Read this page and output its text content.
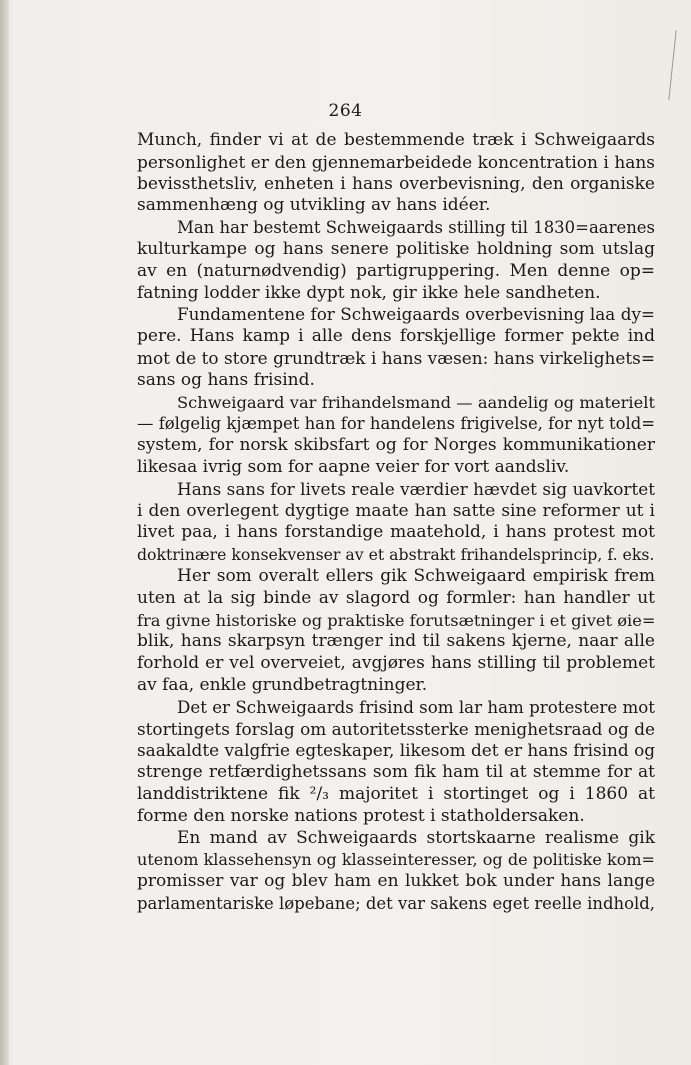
264
Munch, finder vi at de bestemmende træk i Schweigaards
personlighet er den gjennemarbeidede koncentration i hans
bevissthetsliv, enheten i hans overbevisning, den organiske
sammenhæng og utvikling av hans idéer.
Man har bestemt Schweigaards stilling til 1830=aarenes
kulturkampe og hans senere politiske holdning som utslag
av en (naturnødvendig) partigruppering. Men denne op=
fatning lodder ikke dypt nok, gir ikke hele sandheten.
Fundamentene for Schweigaards overbevisning laa dy=
pere. Hans kamp i alle dens forskjellige former pekte ind
mot de to store grundtræk i hans væsen: hans virkelighets=
sans og hans frisind.
Schweigaard var frihandelsmand — aandelig og materielt
— følgelig kjæmpet han for handelens frigivelse, for nyt told=
system, for norsk skibsfart og for Norges kommunikationer
likesaa ivrig som for aapne veier for vort aandsliv.
Hans sans for livets reale værdier hævdet sig uavkortet
i den overlegent dygtige maate han satte sine reformer ut i
livet paa, i hans forstandige maatehold, i hans protest mot
doktrinære konsekvenser av et abstrakt frihandelsprincip, f. eks.
Her som overalt ellers gik Schweigaard empirisk frem
uten at la sig binde av slagord og formler: han handler ut
fra givne historiske og praktiske forutsætninger i et givet øie=
blik, hans skarpsyn trænger ind til sakens kjerne, naar alle
forhold er vel overveiet, avgjøres hans stilling til problemet
av faa, enkle grundbetragtninger.
Det er Schweigaards frisind som lar ham protestere mot
stortingets forslag om autoritetssterke menighetsraad og de
saakaldte valgfrie egteskaper, likesom det er hans frisind og
strenge retfærdighetssans som fik ham til at stemme for at
landdistriktene fik ²/₃ majoritet i stortinget og i 1860 at
forme den norske nations protest i statholdersaken.
En mand av Schweigaards stortskaarne realisme gik
utenom klassehensyn og klasseinteresser, og de politiske kom=
promisser var og blev ham en lukket bok under hans lange
parlamentariske løpebane; det var sakens eget reelle indhold,
